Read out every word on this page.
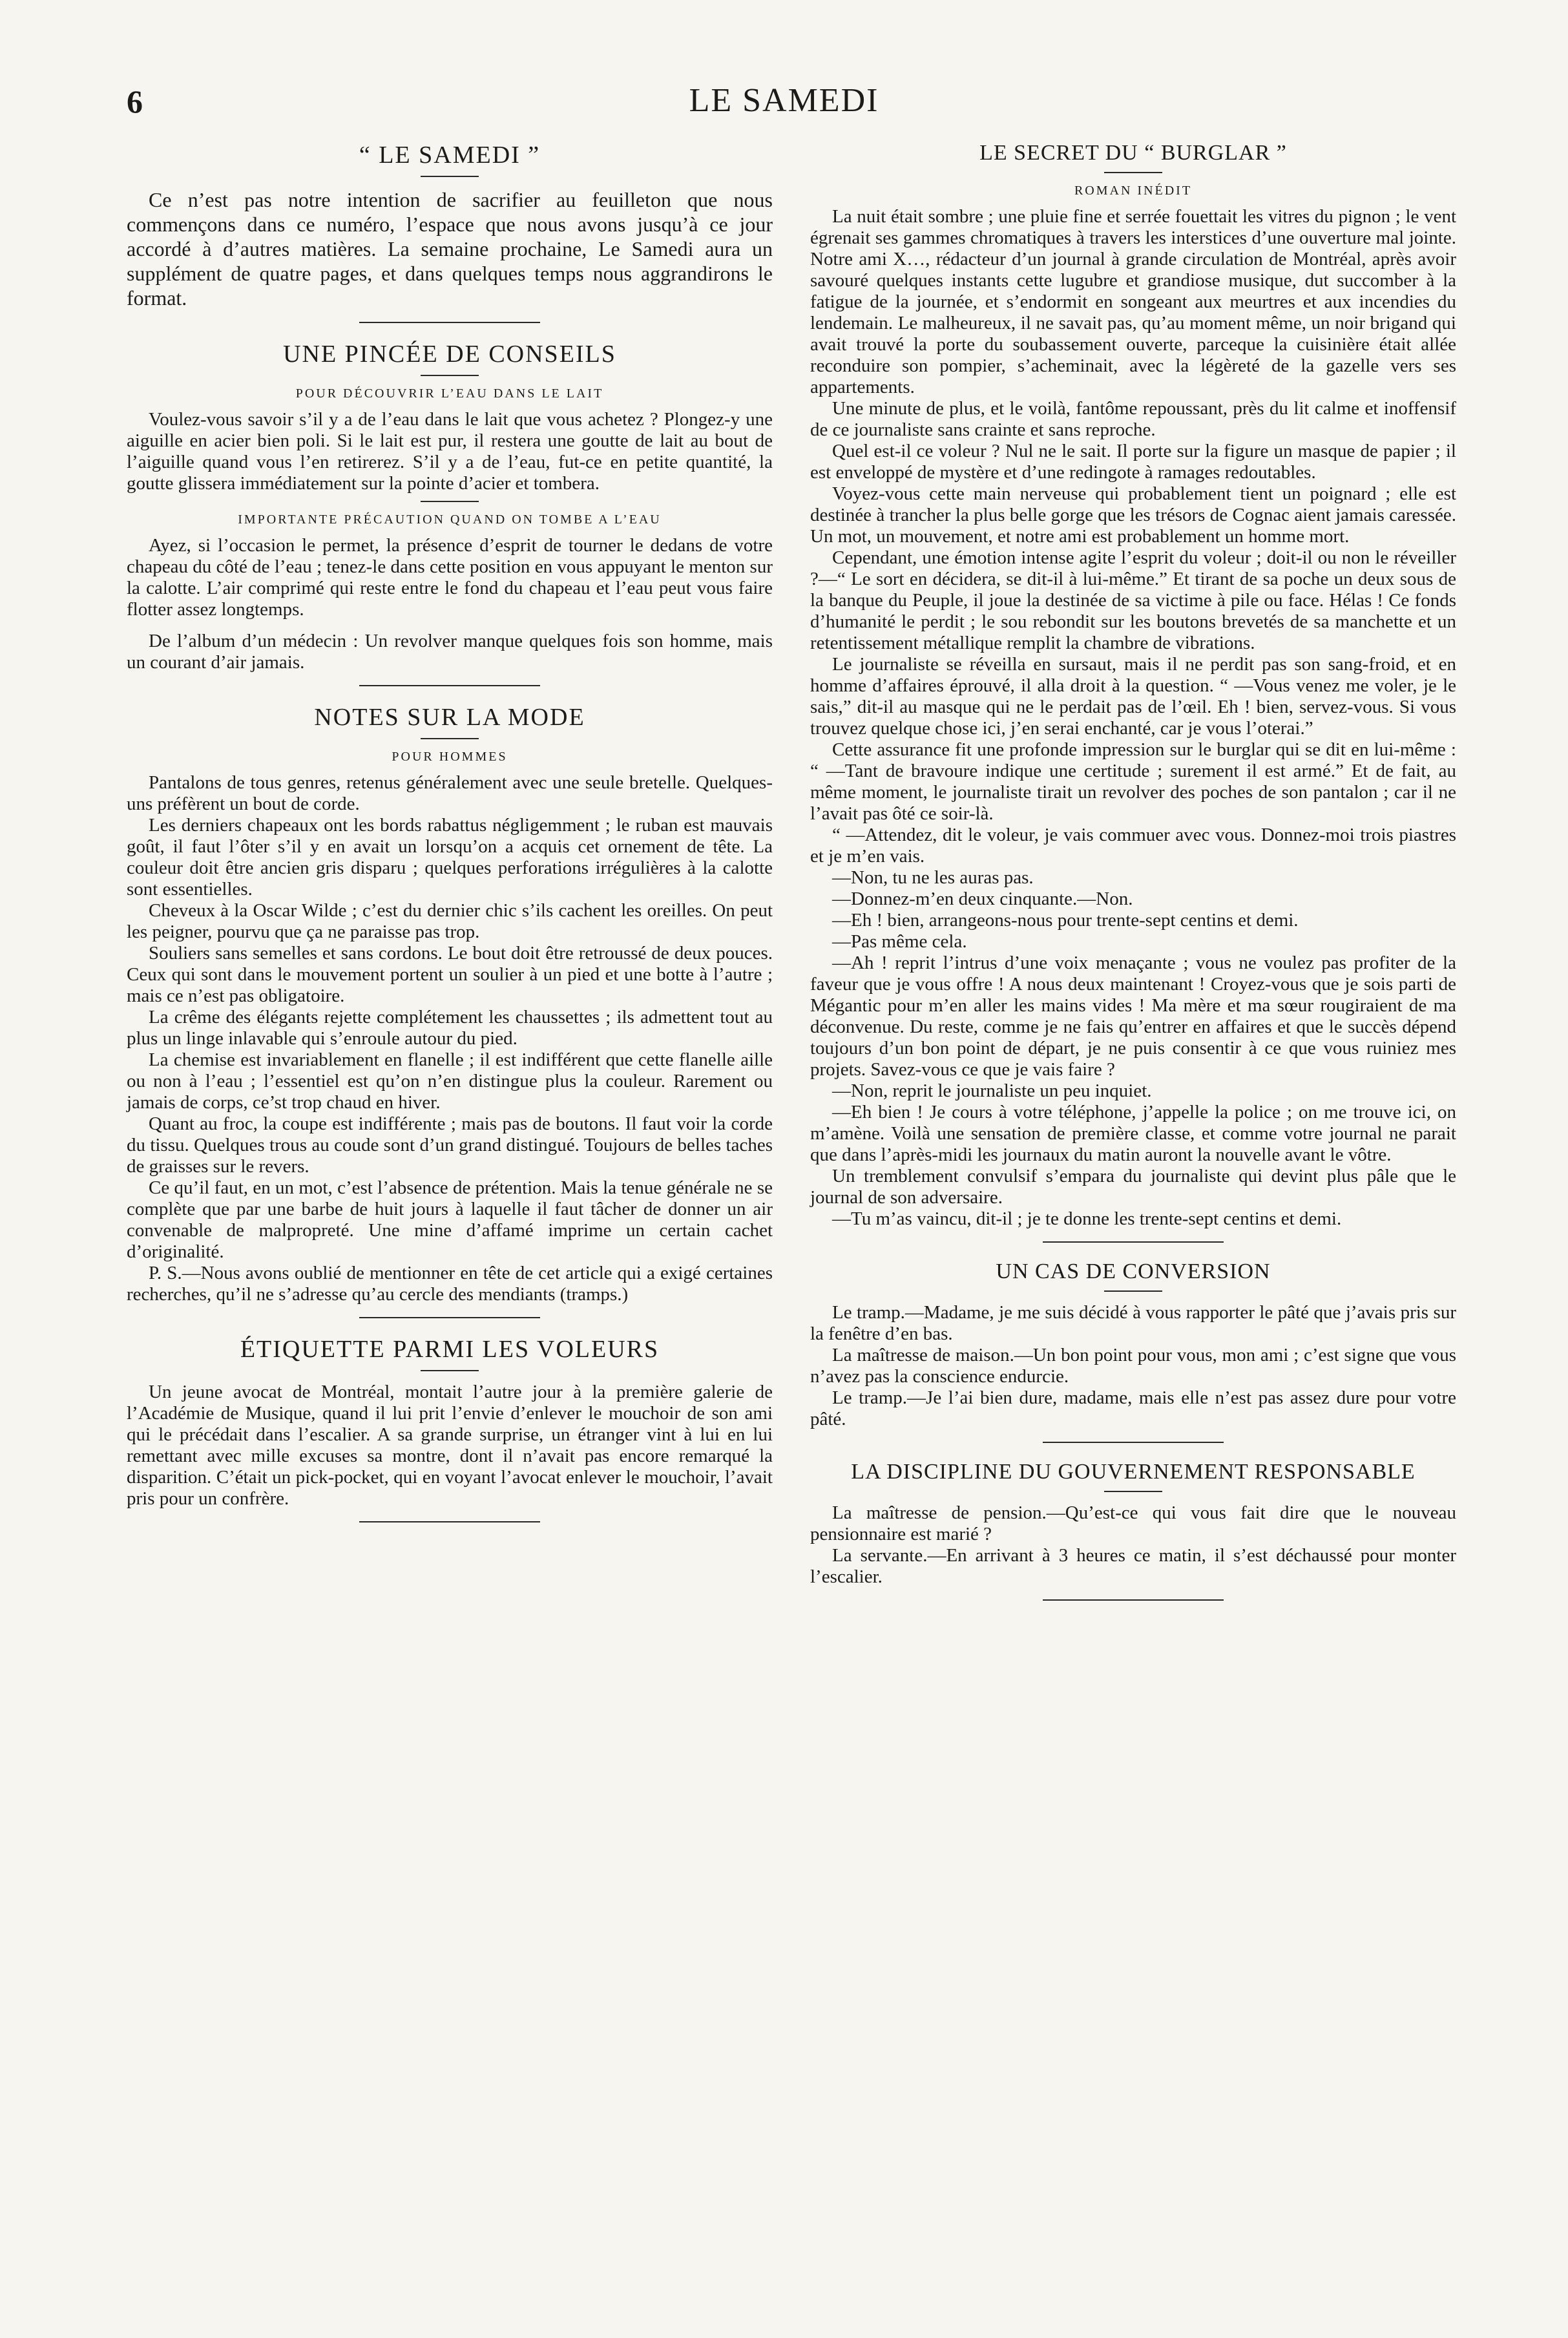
6	LE SAMEDI
“ LE SAMEDI ”

Ce n’est pas notre intention de sacrifier au feuilleton que nous commençons dans ce numéro, l’espace que nous avons jusqu’à ce jour accordé à d’autres matières. La semaine prochaine, Le Samedi aura un supplément de quatre pages, et dans quelques temps nous aggrandirons le format.

UNE PINCÉE DE CONSEILS
POUR DÉCOUVRIR L’EAU DANS LE LAIT

Voulez-vous savoir s’il y a de l’eau dans le lait que vous achetez ? Plongez-y une aiguille en acier bien poli. Si le lait est pur, il restera une goutte de lait au bout de l’aiguille quand vous l’en retirerez. S’il y a de l’eau, fut-ce en petite quantité, la goutte glissera immédiatement sur la pointe d’acier et tombera.

IMPORTANTE PRÉCAUTION QUAND ON TOMBE A L’EAU

Ayez, si l’occasion le permet, la présence d’esprit de tourner le dedans de votre chapeau du côté de l’eau ; tenez-le dans cette position en vous appuyant le menton sur la calotte. L’air comprimé qui reste entre le fond du chapeau et l’eau peut vous faire flotter assez longtemps.

De l’album d’un médecin : Un revolver manque quelques fois son homme, mais un courant d’air jamais.

NOTES SUR LA MODE
POUR HOMMES

Pantalons de tous genres, retenus généralement avec une seule bretelle. Quelques-uns préfèrent un bout de corde.

Les derniers chapeaux ont les bords rabattus négligemment ; le ruban est mauvais goût, il faut l’ôter s’il y en avait un lorsqu’on a acquis cet ornement de tête. La couleur doit être ancien gris disparu ; quelques perforations irrégulières à la calotte sont essentielles.

Cheveux à la Oscar Wilde ; c’est du dernier chic s’ils cachent les oreilles. On peut les peigner, pourvu que ça ne paraisse pas trop.

Souliers sans semelles et sans cordons. Le bout doit être retroussé de deux pouces. Ceux qui sont dans le mouvement portent un soulier à un pied et une botte à l’autre ; mais ce n’est pas obligatoire.

La crême des élégants rejette complétement les chaussettes ; ils admettent tout au plus un linge inlavable qui s’enroule autour du pied.

La chemise est invariablement en flanelle ; il est indifférent que cette flanelle aille ou non à l’eau ; l’essentiel est qu’on n’en distingue plus la couleur. Rarement ou jamais de corps, ce’st trop chaud en hiver.

Quant au froc, la coupe est indifférente ; mais pas de boutons. Il faut voir la corde du tissu. Quelques trous au coude sont d’un grand distingué. Toujours de belles taches de graisses sur le revers.

Ce qu’il faut, en un mot, c’est l’absence de prétention. Mais la tenue générale ne se complète que par une barbe de huit jours à laquelle il faut tâcher de donner un air convenable de malpropreté. Une mine d’affamé imprime un certain cachet d’originalité.

P. S.—Nous avons oublié de mentionner en tête de cet article qui a exigé certaines recherches, qu’il ne s’adresse qu’au cercle des mendiants (tramps.)

ÉTIQUETTE PARMI LES VOLEURS

Un jeune avocat de Montréal, montait l’autre jour à la première galerie de l’Académie de Musique, quand il lui prit l’envie d’enlever le mouchoir de son ami qui le précédait dans l’escalier. A sa grande surprise, un étranger vint à lui en lui remettant avec mille excuses sa montre, dont il n’avait pas encore remarqué la disparition. C’était un pick-pocket, qui en voyant l’avocat enlever le mouchoir, l’avait pris pour un confrère.

LE SECRET DU “ BURGLAR ”
ROMAN INÉDIT

La nuit était sombre ; une pluie fine et serrée fouettait les vitres du pignon ; le vent égrenait ses gammes chromatiques à travers les interstices d’une ouverture mal jointe. Notre ami X…, rédacteur d’un journal à grande circulation de Montréal, après avoir savouré quelques instants cette lugubre et grandiose musique, dut succomber à la fatigue de la journée, et s’endormit en songeant aux meurtres et aux incendies du lendemain. Le malheureux, il ne savait pas, qu’au moment même, un noir brigand qui avait trouvé la porte du soubassement ouverte, parceque la cuisinière était allée reconduire son pompier, s’acheminait, avec la légèreté de la gazelle vers ses appartements.

Une minute de plus, et le voilà, fantôme repoussant, près du lit calme et inoffensif de ce journaliste sans crainte et sans reproche.

Quel est-il ce voleur ? Nul ne le sait. Il porte sur la figure un masque de papier ; il est enveloppé de mystère et d’une redingote à ramages redoutables.

Voyez-vous cette main nerveuse qui probablement tient un poignard ; elle est destinée à trancher la plus belle gorge que les trésors de Cognac aient jamais caressée. Un mot, un mouvement, et notre ami est probablement un homme mort.

Cependant, une émotion intense agite l’esprit du voleur ; doit-il ou non le réveiller ?—“ Le sort en décidera, se dit-il à lui-même.” Et tirant de sa poche un deux sous de la banque du Peuple, il joue la destinée de sa victime à pile ou face. Hélas ! Ce fonds d’humanité le perdit ; le sou rebondit sur les boutons brevetés de sa manchette et un retentissement métallique remplit la chambre de vibrations.

Le journaliste se réveilla en sursaut, mais il ne perdit pas son sang-froid, et en homme d’affaires éprouvé, il alla droit à la question. “ —Vous venez me voler, je le sais,” dit-il au masque qui ne le perdait pas de l’œil. Eh ! bien, servez-vous. Si vous trouvez quelque chose ici, j’en serai enchanté, car je vous l’oterai.”

Cette assurance fit une profonde impression sur le burglar qui se dit en lui-même : “ —Tant de bravoure indique une certitude ; surement il est armé.” Et de fait, au même moment, le journaliste tirait un revolver des poches de son pantalon ; car il ne l’avait pas ôté ce soir-là.

“ —Attendez, dit le voleur, je vais commuer avec vous. Donnez-moi trois piastres et je m’en vais.

—Non, tu ne les auras pas.

—Donnez-m’en deux cinquante.—Non.

—Eh ! bien, arrangeons-nous pour trente-sept centins et demi.

—Pas même cela.

—Ah ! reprit l’intrus d’une voix menaçante ; vous ne voulez pas profiter de la faveur que je vous offre ! A nous deux maintenant ! Croyez-vous que je sois parti de Mégantic pour m’en aller les mains vides ! Ma mère et ma sœur rougiraient de ma déconvenue. Du reste, comme je ne fais qu’entrer en affaires et que le succès dépend toujours d’un bon point de départ, je ne puis consentir à ce que vous ruiniez mes projets. Savez-vous ce que je vais faire ?

—Non, reprit le journaliste un peu inquiet.

—Eh bien ! Je cours à votre téléphone, j’appelle la police ; on me trouve ici, on m’amène. Voilà une sensation de première classe, et comme votre journal ne parait que dans l’après-midi les journaux du matin auront la nouvelle avant le vôtre.

Un tremblement convulsif s’empara du journaliste qui devint plus pâle que le journal de son adversaire.

—Tu m’as vaincu, dit-il ; je te donne les trente-sept centins et demi.

UN CAS DE CONVERSION

Le tramp.—Madame, je me suis décidé à vous rapporter le pâté que j’avais pris sur la fenêtre d’en bas.

La maîtresse de maison.—Un bon point pour vous, mon ami ; c’est signe que vous n’avez pas la conscience endurcie.

Le tramp.—Je l’ai bien dure, madame, mais elle n’est pas assez dure pour votre pâté.

LA DISCIPLINE DU GOUVERNEMENT RESPONSABLE

La maîtresse de pension.—Qu’est-ce qui vous fait dire que le nouveau pensionnaire est marié ?

La servante.—En arrivant à 3 heures ce matin, il s’est déchaussé pour monter l’escalier.
